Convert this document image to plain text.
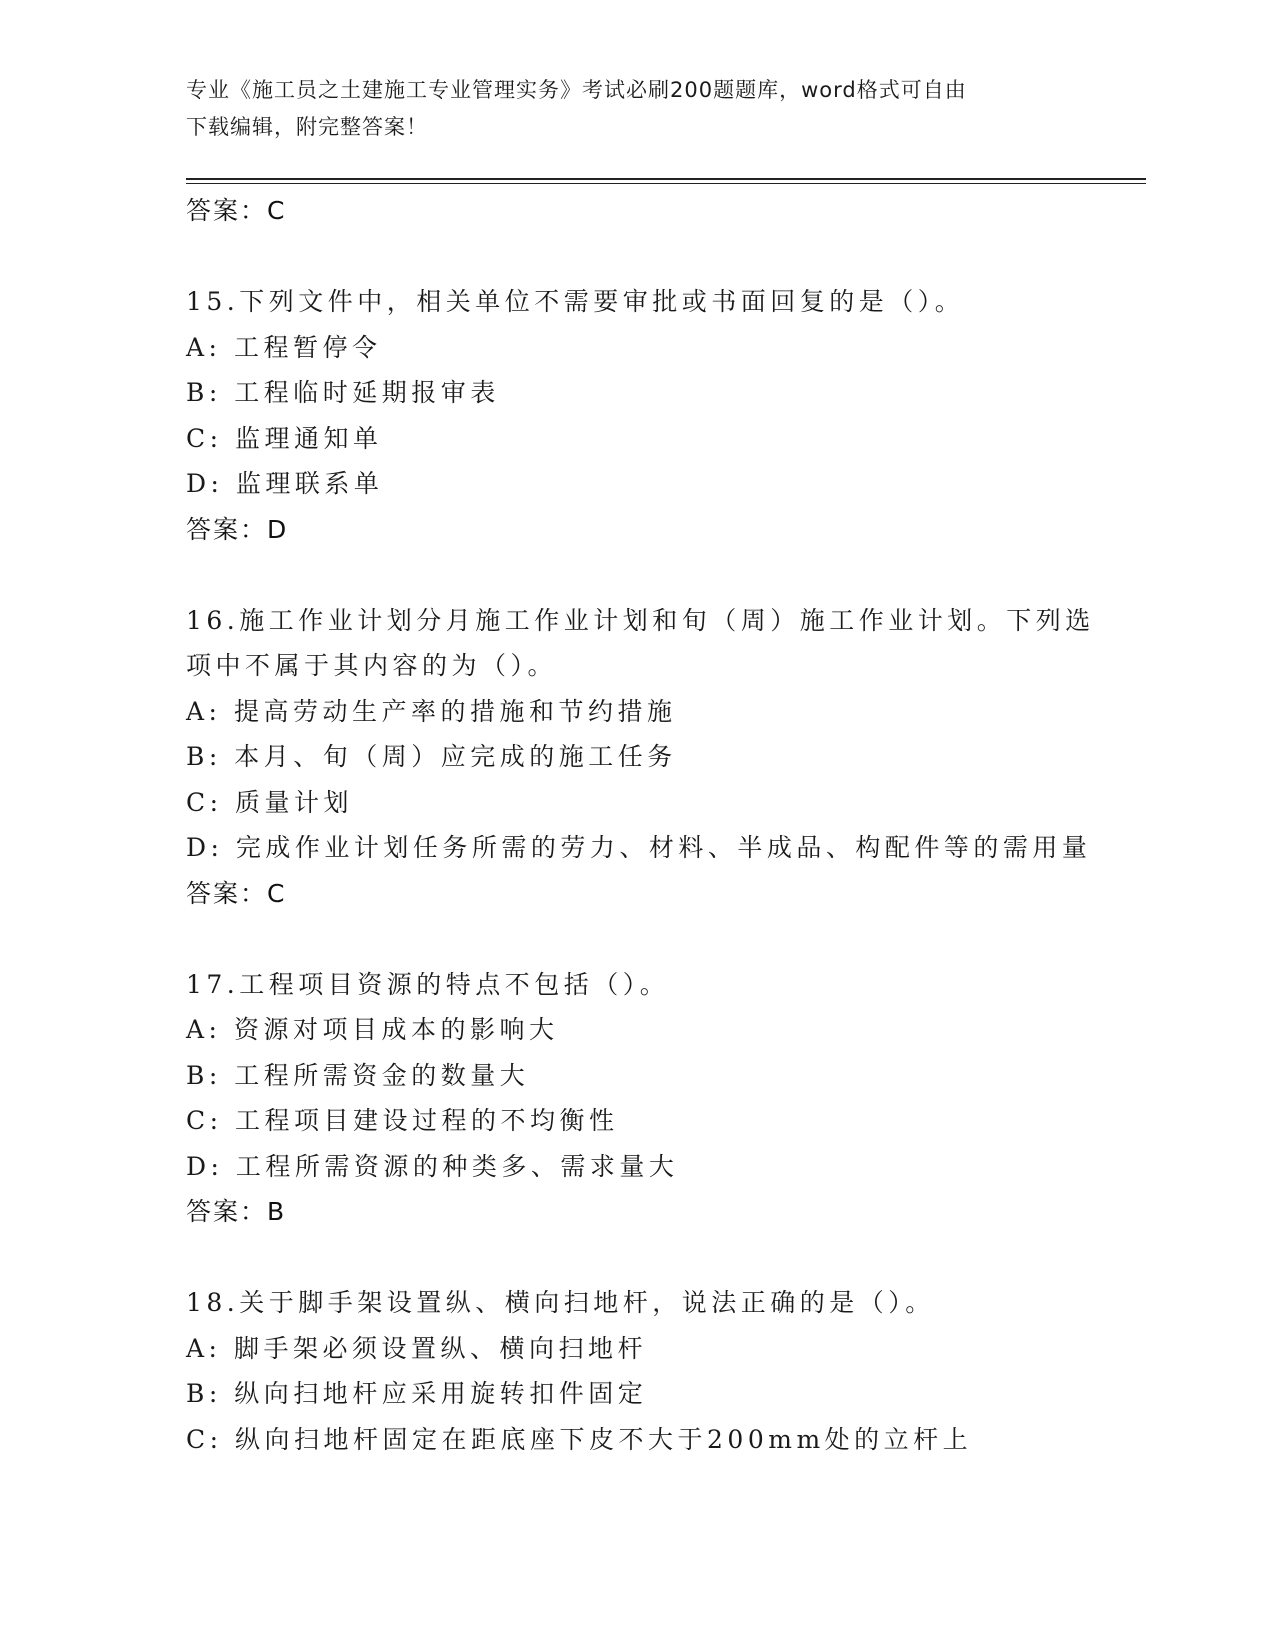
专业《施工员之土建施工专业管理实务》考试必刷200题题库，word格式可自由
下载编辑，附完整答案！
答案：C
15.下列文件中，相关单位不需要审批或书面回复的是（）。
A: 工程暂停令
B: 工程临时延期报审表
C: 监理通知单
D: 监理联系单
答案：D
16.施工作业计划分月施工作业计划和旬（周）施工作业计划。下列选
项中不属于其内容的为（）。
A: 提高劳动生产率的措施和节约措施
B: 本月、旬（周）应完成的施工任务
C: 质量计划
D: 完成作业计划任务所需的劳力、材料、半成品、构配件等的需用量
答案：C
17.工程项目资源的特点不包括（）。
A: 资源对项目成本的影响大
B: 工程所需资金的数量大
C: 工程项目建设过程的不均衡性
D: 工程所需资源的种类多、需求量大
答案：B
18.关于脚手架设置纵、横向扫地杆，说法正确的是（）。
A: 脚手架必须设置纵、横向扫地杆
B: 纵向扫地杆应采用旋转扣件固定
C: 纵向扫地杆固定在距底座下皮不大于200mm处的立杆上
